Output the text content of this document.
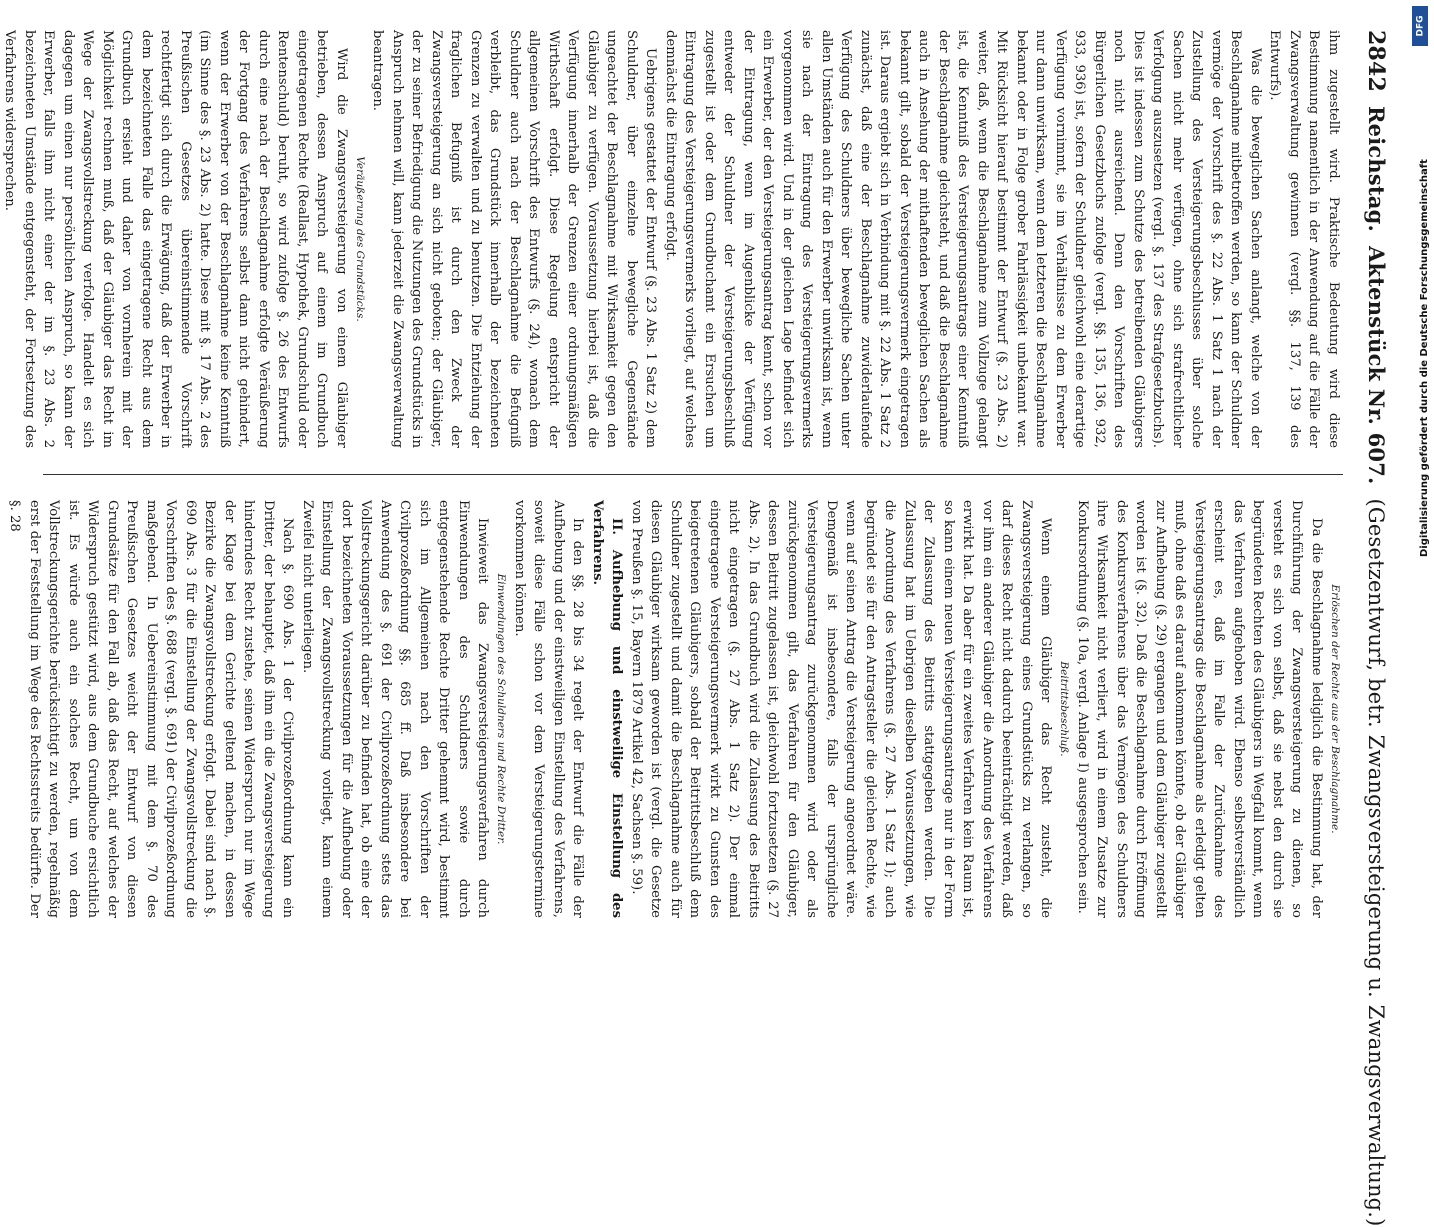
2842
Reichstag.
Aktenstück Nr. 607.
(Gesetzentwurf, betr. Zwangsversteigerung u. Zwangsverwaltung.)

ihm zugestellt wird. Praktische Bedeutung wird diese Bestimmung namentlich in der Anwendung auf die Fälle der Zwangsverwaltung gewinnen (vergl. §§. 137, 139 des Entwurfs).

Was die beweglichen Sachen anlangt, welche von der Beschlagnahme mitbetroffen werden, so kann der Schuldner vermöge der Vorschrift des §. 22 Abs. 1 Satz 1 nach der Zustellung des Versteigerungsbeschlusses über solche Sachen nicht mehr verfügen, ohne sich strafrechtlicher Verfolgung auszusetzen (vergl. §. 137 des Strafgesetzbuchs). Dies ist indessen zum Schutze des betreibenden Gläubigers noch nicht ausreichend. Denn den Vorschriften des Bürgerlichen Gesetzbuchs zufolge (vergl. §§. 135, 136, 932, 933, 936) ist, sofern der Schuldner gleichwohl eine derartige Verfügung vornimmt, sie im Verhältnisse zu dem Erwerber nur dann unwirksam, wenn dem letzteren die Beschlagnahme bekannt oder in Folge grober Fahrlässigkeit unbekannt war. Mit Rücksicht hierauf bestimmt der Entwurf (§. 23 Abs. 2) weiter, daß, wenn die Beschlagnahme zum Vollzuge gelangt ist, die Kenntniß des Versteigerungsantrags einer Kenntniß der Beschlagnahme gleichsteht, und daß die Beschlagnahme auch in Ansehung der mithaftenden beweglichen Sachen als bekannt gilt, sobald der Versteigerungsvermerk eingetragen ist. Daraus ergiebt sich in Verbindung mit §. 22 Abs. 1 Satz 2 zunächst, daß eine der Beschlagnahme zuwiderlaufende Verfügung des Schuldners über bewegliche Sachen unter allen Umständen auch für den Erwerber unwirksam ist, wenn sie nach der Eintragung des Versteigerungsvermerks vorgenommen wird. Und in der gleichen Lage befindet sich ein Erwerber, der den Versteigerungsantrag kennt, schon vor der Eintragung, wenn im Augenblicke der Verfügung entweder der Schuldner der Versteigerungsbeschluß zugestellt ist oder dem Grundbuchamt ein Ersuchen um Eintragung des Versteigerungsvermerks vorliegt, auf welches demnächst die Eintragung erfolgt.

Uebrigens gestattet der Entwurf (§. 23 Abs. 1 Satz 2) dem Schuldner, über einzelne bewegliche Gegenstände ungeachtet der Beschlagnahme mit Wirksamkeit gegen den Gläubiger zu verfügen. Voraussetzung hierbei ist, daß die Verfügung innerhalb der Grenzen einer ordnungsmäßigen Wirthschaft erfolgt. Diese Regelung entspricht der allgemeinen Vorschrift des Entwurfs (§. 24), wonach dem Schuldner auch nach der Beschlagnahme die Befugniß verbleibt, das Grundstück innerhalb der bezeichneten Grenzen zu verwalten und zu benutzen. Die Entziehung der fraglichen Befugniß ist durch den Zweck der Zwangsversteigerung an sich nicht geboten; der Gläubiger, der zu seiner Befriedigung die Nutzungen des Grundstücks in Anspruch nehmen will, kann jederzeit die Zwangsverwaltung beantragen.

Veräußerung des Grundstücks.

Wird die Zwangsversteigerung von einem Gläubiger betrieben, dessen Anspruch auf einem im Grundbuch eingetragenen Rechte (Reallast, Hypothek, Grundschuld oder Rentenschuld) beruht, so wird zufolge §. 26 des Entwurfs durch eine nach der Beschlagnahme erfolgte Veräußerung der Fortgang des Verfahrens selbst dann nicht gehindert, wenn der Erwerber von der Beschlagnahme keine Kenntniß (im Sinne des §. 23 Abs. 2) hatte. Diese mit §. 17 Abs. 2 des Preußischen Gesetzes übereinstimmende Vorschrift rechtfertigt sich durch die Erwägung, daß der Erwerber in dem bezeichneten Falle das eingetragene Recht aus dem Grundbuch ersieht und daher von vornherein mit der Möglichkeit rechnen muß, daß der Gläubiger das Recht im Wege der Zwangsvollstreckung verfolge. Handelt es sich dagegen um einen nur persönlichen Anspruch, so kann der Erwerber, falls ihm nicht einer der im §. 23 Abs. 2 bezeichneten Umstände entgegensteht, der Fortsetzung des Verfahrens widersprechen.

Erlöschen der Rechte aus der Beschlagnahme.

Da die Beschlagnahme lediglich die Bestimmung hat, der Durchführung der Zwangsversteigerung zu dienen, so versteht es sich von selbst, daß sie nebst den durch sie begründeten Rechten des Gläubigers in Wegfall kommt, wenn das Verfahren aufgehoben wird. Ebenso selbstverständlich erscheint es, daß im Falle der Zurücknahme des Versteigerungsantrags die Beschlagnahme als erledigt gelten muß, ohne daß es darauf ankommen könnte, ob der Gläubiger zur Aufhebung (§. 29) ergangen und dem Gläubiger zugestellt worden ist (§. 32). Daß die Beschlagnahme durch Eröffnung des Konkursverfahrens über das Vermögen des Schuldners ihre Wirksamkeit nicht verliert, wird in einem Zusatze zur Konkursordnung (§. 10a, vergl. Anlage I) ausgesprochen sein.

Beitrittsbeschluß.

Wenn einem Gläubiger das Recht zusteht, die Zwangsversteigerung eines Grundstücks zu verlangen, so darf dieses Recht nicht dadurch beeinträchtigt werden, daß vor ihm ein anderer Gläubiger die Anordnung des Verfahrens erwirkt hat. Da aber für ein zweites Verfahren kein Raum ist, so kann einem neuen Versteigerungsantrage nur in der Form der Zulassung des Beitritts stattgegeben werden. Die Zulassung hat im Uebrigen dieselben Voraussetzungen, wie die Anordnung des Verfahrens (§. 27 Abs. 1 Satz 1); auch begründet sie für den Antragsteller die gleichen Rechte, wie wenn auf seinen Antrag die Versteigerung angeordnet wäre. Demgemäß ist insbesondere, falls der ursprüngliche Versteigerungsantrag zurückgenommen wird oder als zurückgenommen gilt, das Verfahren für den Gläubiger, dessen Beitritt zugelassen ist, gleichwohl fortzusetzen (§. 27 Abs. 2). In das Grundbuch wird die Zulassung des Beitritts nicht eingetragen (§. 27 Abs. 1 Satz 2). Der einmal eingetragene Versteigerungsvermerk wirkt zu Gunsten des beigetretenen Gläubigers, sobald der Beitrittsbeschluß dem Schuldner zugestellt und damit die Beschlagnahme auch für diesen Gläubiger wirksam geworden ist (vergl. die Gesetze von Preußen §. 15, Bayern 1879 Artikel 42, Sachsen §. 59).

II. Aufhebung und einstweilige Einstellung des Verfahrens.

In den §§. 28 bis 34 regelt der Entwurf die Fälle der Aufhebung und der einstweiligen Einstellung des Verfahrens, soweit diese Fälle schon vor dem Versteigerungstermine vorkommen können.

Einwendungen des Schuldners und Rechte Dritter.

Inwieweit das Zwangsversteigerungsverfahren durch Einwendungen des Schuldners sowie durch entgegenstehende Rechte Dritter gehemmt wird, bestimmt sich im Allgemeinen nach den Vorschriften der Civilprozeßordnung §§. 685 ff. Daß insbesondere bei Anwendung des §. 691 der Civilprozeßordnung stets das Vollstreckungsgericht darüber zu befinden hat, ob eine der dort bezeichneten Voraussetzungen für die Aufhebung oder Einstellung der Zwangsvollstreckung vorliegt, kann einem Zweifel nicht unterliegen.

Nach §. 690 Abs. 1 der Civilprozeßordnung kann ein Dritter, der behauptet, daß ihm ein die Zwangsversteigerung hinderndes Recht zustehe, seinen Widerspruch nur im Wege der Klage bei dem Gerichte geltend machen, in dessen Bezirke die Zwangsvollstreckung erfolgt. Dabei sind nach §. 690 Abs. 3 für die Einstellung der Zwangsvollstreckung die Vorschriften des §. 688 (vergl. §. 691) der Civilprozeßordnung maßgebend. In Uebereinstimmung mit dem §. 70 des Preußischen Gesetzes weicht der Entwurf von diesen Grundsätze für den Fall ab, daß das Recht, auf welches der Widerspruch gestützt wird, aus dem Grundbuche ersichtlich ist. Es würde auch ein solches Recht, um von dem Vollstreckungsgerichte berücksichtigt zu werden, regelmäßig erst der Feststellung im Wege des Rechtsstreits bedürfte. Der §. 28

DFG
Digitalisierung gefördert durch die Deutsche Forschungsgemeinschaft
